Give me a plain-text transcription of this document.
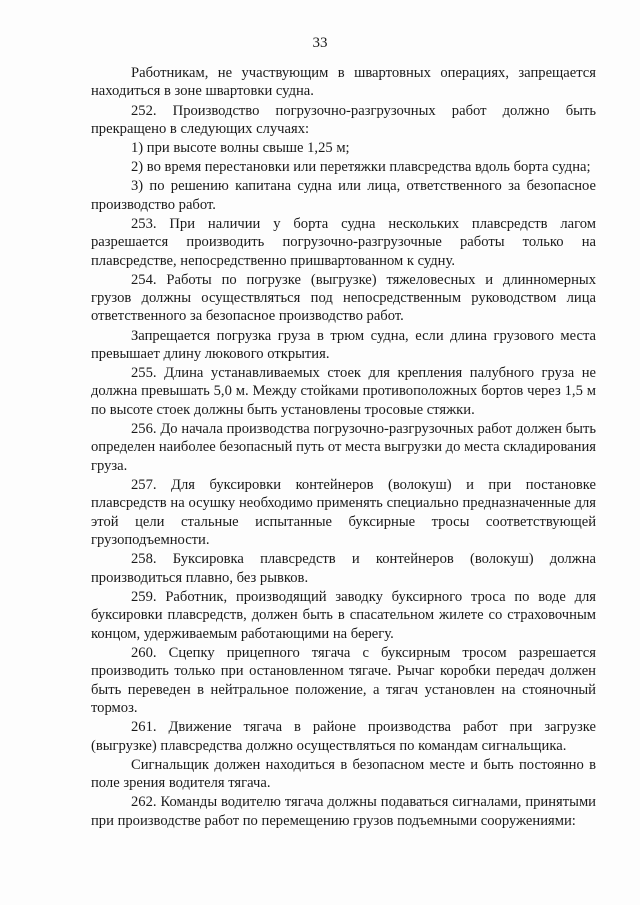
33

Работникам, не участвующим в швартовных операциях, запрещается находиться в зоне швартовки судна.

252. Производство погрузочно-разгрузочных работ должно быть прекращено в следующих случаях:

1) при высоте волны свыше 1,25 м;

2) во время перестановки или перетяжки плавсредства вдоль борта судна;

3) по решению капитана судна или лица, ответственного за безопасное производство работ.

253. При наличии у борта судна нескольких плавсредств лагом разрешается производить погрузочно-разгрузочные работы только на плавсредстве, непосредственно пришвартованном к судну.

254. Работы по погрузке (выгрузке) тяжеловесных и длинномерных грузов должны осуществляться под непосредственным руководством лица ответственного за безопасное производство работ.

Запрещается погрузка груза в трюм судна, если длина грузового места превышает длину люкового открытия.

255. Длина устанавливаемых стоек для крепления палубного груза не должна превышать 5,0 м. Между стойками противоположных бортов через 1,5 м по высоте стоек должны быть установлены тросовые стяжки.

256. До начала производства погрузочно-разгрузочных работ должен быть определен наиболее безопасный путь от места выгрузки до места складирования груза.

257. Для буксировки контейнеров (волокуш) и при постановке плавсредств на осушку необходимо применять специально предназначенные для этой цели стальные испытанные буксирные тросы соответствующей грузоподъемности.

258. Буксировка плавсредств и контейнеров (волокуш) должна производиться плавно, без рывков.

259. Работник, производящий заводку буксирного троса по воде для буксировки плавсредств, должен быть в спасательном жилете со страховочным концом, удерживаемым работающими на берегу.

260. Сцепку прицепного тягача с буксирным тросом разрешается производить только при остановленном тягаче. Рычаг коробки передач должен быть переведен в нейтральное положение, а тягач установлен на стояночный тормоз.

261. Движение тягача в районе производства работ при загрузке (выгрузке) плавсредства должно осуществляться по командам сигнальщика.

Сигнальщик должен находиться в безопасном месте и быть постоянно в поле зрения водителя тягача.

262. Команды водителю тягача должны подаваться сигналами, принятыми при производстве работ по перемещению грузов подъемными сооружениями:
